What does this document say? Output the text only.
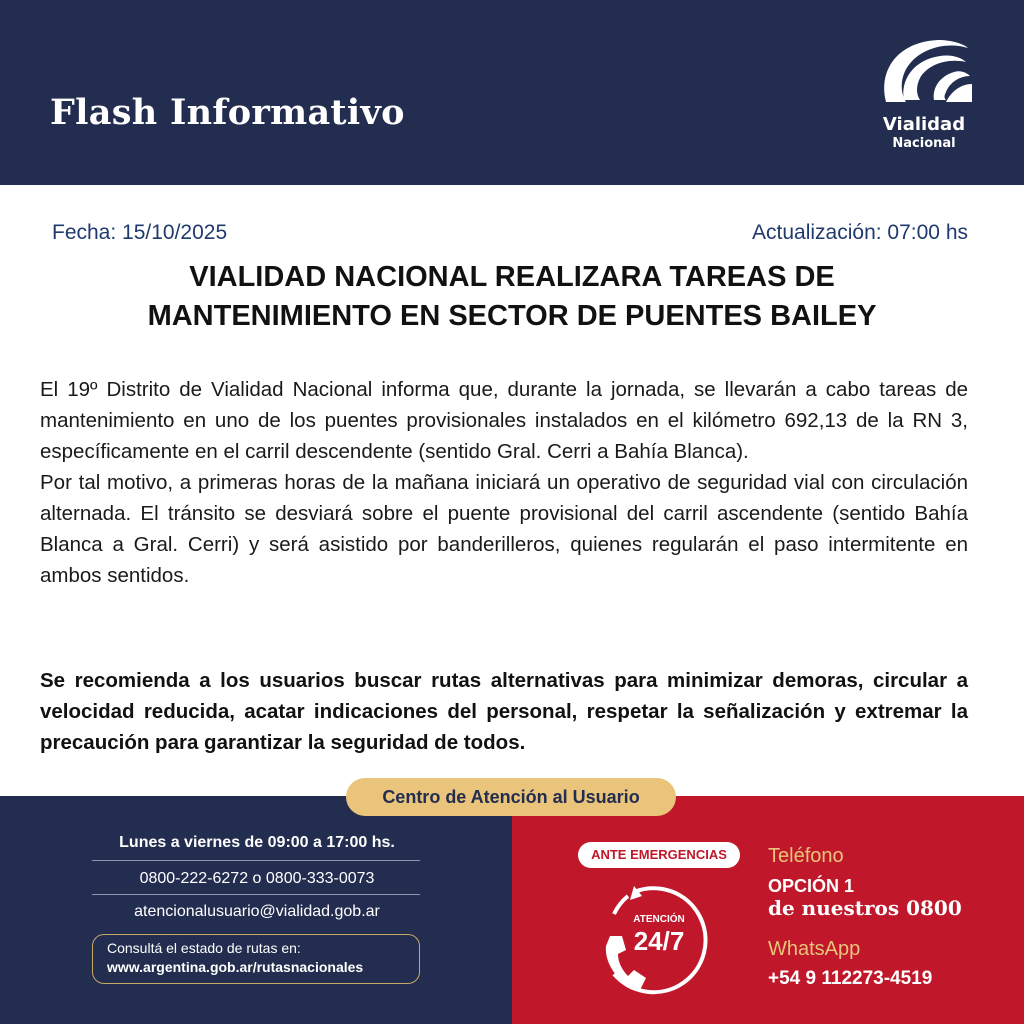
Flash Informativo	Vialidad
Nacional
Fecha: 15/10/2025	Actualización: 07:00 hs
VIALIDAD NACIONAL REALIZARA TAREAS DE
MANTENIMIENTO EN SECTOR DE PUENTES BAILEY

El 19º Distrito de Vialidad Nacional informa que, durante la jornada, se llevarán a cabo tareas de mantenimiento en uno de los puentes provisionales instalados en el kilómetro 692,13 de la RN 3, específicamente en el carril descendente (sentido Gral. Cerri a Bahía Blanca).

Por tal motivo, a primeras horas de la mañana iniciará un operativo de seguridad vial con circulación alternada. El tránsito se desviará sobre el puente provisional del carril ascendente (sentido Bahía Blanca a Gral. Cerri) y será asistido por banderilleros, quienes regularán el paso intermitente en ambos sentidos.

Se recomienda a los usuarios buscar rutas alternativas para minimizar demoras, circular a velocidad reducida, acatar indicaciones del personal, respetar la señalización y extremar la precaución para garantizar la seguridad de todos.
Centro de Atención al Usuario
Lunes a viernes de 09:00 a 17:00 hs.
0800-222-6272 o 0800-333-0073
atencionalusuario@vialidad.gob.ar
Consultá el estado de rutas en:
www.argentina.gob.ar/rutasnacionales
ANTE EMERGENCIAS
ATENCIÓN
24/7
Teléfono
OPCIÓN 1
de nuestros 0800
WhatsApp
+54 9 112273-4519
